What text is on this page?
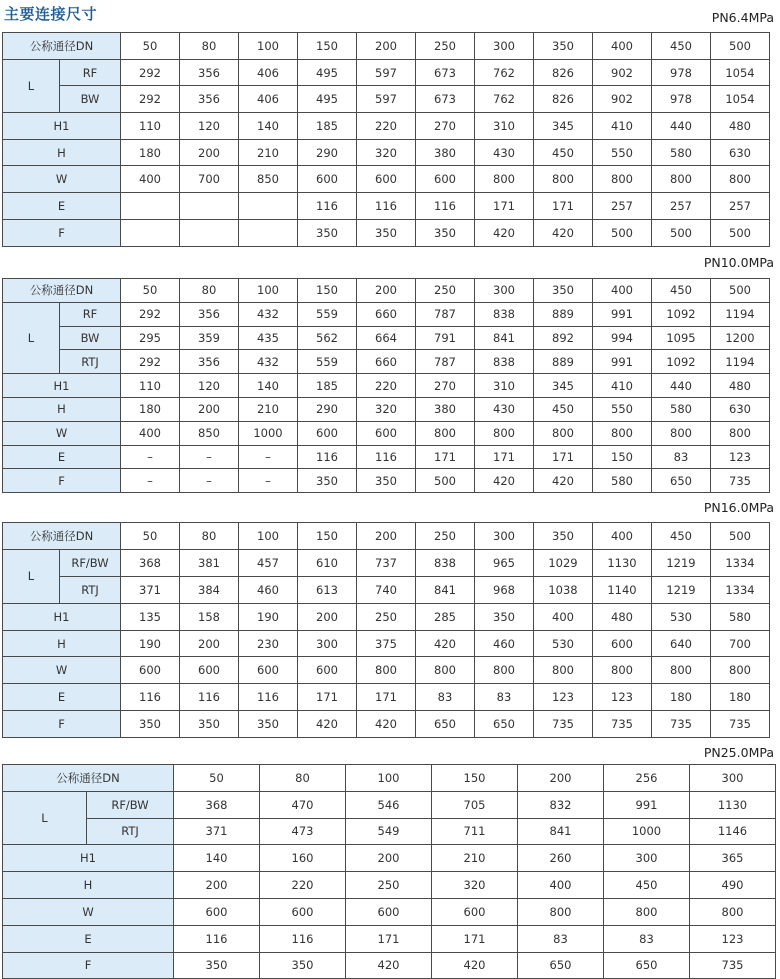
主要连接尺寸	PN6.4MPa
公称通径DN		50	80	100	150	200	250	300	350	400	450	500
L	RF	292	356	406	495	597	673	762	826	902	978	1054
	BW	292	356	406	495	597	673	762	826	902	978	1054
H1		110	120	140	185	220	270	310	345	410	440	480
H		180	200	210	290	320	380	430	450	550	580	630
W		400	700	850	600	600	600	800	800	800	800	800
E					116	116	116	171	171	257	257	257
F					350	350	350	420	420	500	500	500
PN10.0MPa
公称通径DN		50	80	100	150	200	250	300	350	400	450	500
L	RF	292	356	432	559	660	787	838	889	991	1092	1194
	BW	295	359	435	562	664	791	841	892	994	1095	1200
	RTJ	292	356	432	559	660	787	838	889	991	1092	1194
H1		110	120	140	185	220	270	310	345	410	440	480
H		180	200	210	290	320	380	430	450	550	580	630
W		400	850	1000	600	600	800	800	800	800	800	800
E		–	–	–	116	116	171	171	171	150	83	123
F		–	–	–	350	350	500	420	420	580	650	735
PN16.0MPa
公称通径DN		50	80	100	150	200	250	300	350	400	450	500
L	RF/BW	368	381	457	610	737	838	965	1029	1130	1219	1334
	RTJ	371	384	460	613	740	841	968	1038	1140	1219	1334
H1		135	158	190	200	250	285	350	400	480	530	580
H		190	200	230	300	375	420	460	530	600	640	700
W		600	600	600	600	800	800	800	800	800	800	800
E		116	116	116	171	171	83	83	123	123	180	180
F		350	350	350	420	420	650	650	735	735	735	735
PN25.0MPa
公称通径DN		50	80	100	150	200	256	300
L	RF/BW	368	470	546	705	832	991	1130
	RTJ	371	473	549	711	841	1000	1146
H1		140	160	200	210	260	300	365
H		200	220	250	320	400	450	490
W		600	600	600	600	800	800	800
E		116	116	171	171	83	83	123
F		350	350	420	420	650	650	735
